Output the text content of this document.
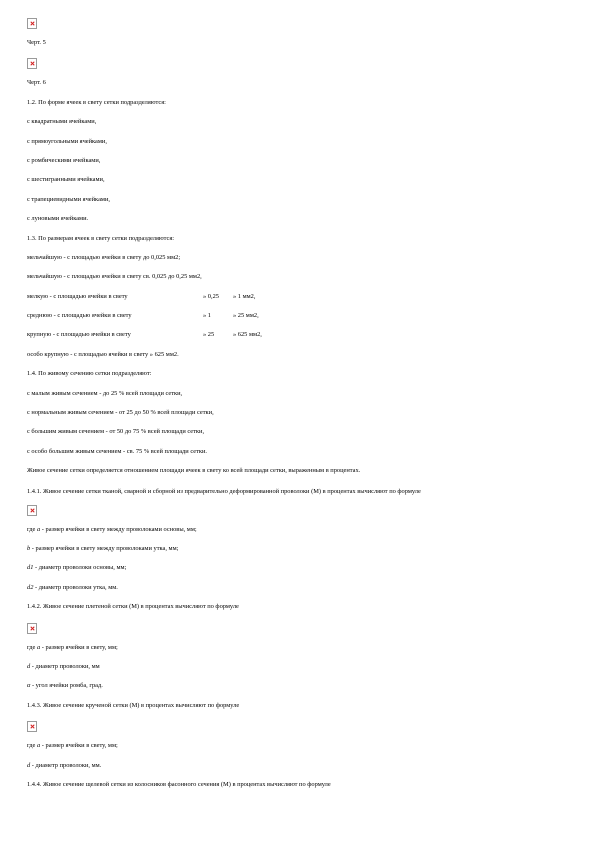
Черт. 5
Черт. 6
1.2. По форме ячеек в свету сетки подразделяются:
с квадратными ячейками,
с прямоугольными ячейками,
с ромбическими ячейками,
с шестигранными ячейками,
с трапециевидными ячейками,
с луновыми ячейками.
1.3. По размерам ячеек в свету сетки подразделяются:
мельчайшую - с площадью ячейки в свету до 0,025 мм2;
мельчайшую - с площадью ячейки в свету св. 0,025 до 0,25 мм2,
мелкую - с площадью ячейки в свету	» 0,25 » 1 мм2,
среднюю - с площадью ячейки в свету	» 1	» 25 мм2,
крупную - с площадью ячейки в свету	» 25	» 625 мм2,
особо крупную - с площадью ячейки в свету » 625 мм2.
1.4. По живому сечению сетки подразделяют:
с малым живым сечением - до 25 % всей площади сетки,
с нормальным живым сечением - от 25 до 50 % всей площади сетки,
с большим живым сечением - от 50 до 75 % всей площади сетки,
с особо большим живым сечением - св. 75 % всей площади сетки.
Живое сечение сетки определяется отношением площади ячеек в свету ко всей площади сетки, выраженным в процентах.
1.4.1. Живое сечение сетки тканой, сварной и сборной из предварительно деформированной проволоки (М) в процентах вычисляют по формуле
где а - размер ячейки в свету между проволоками основы, мм;
b - размер ячейки в свету между проволоками утка, мм;
d1 - диаметр проволоки основы, мм;
d2 - диаметр проволоки утка, мм.
1.4.2. Живое сечение плетеной сетки (М) в процентах вычисляют по формуле
где а - размер ячейки в свету, мм;
d - диаметр проволоки, мм
α - угол ячейки ромба, град.
1.4.3. Живое сечение крученой сетки (М) в процентах вычисляют по формуле
где а - размер ячейки в свету, мм;
d - диаметр проволоки, мм.
1.4.4. Живое сечение щелевой сетки из колосников фасонного сечения (М) в процентах вычисляют по формуле
